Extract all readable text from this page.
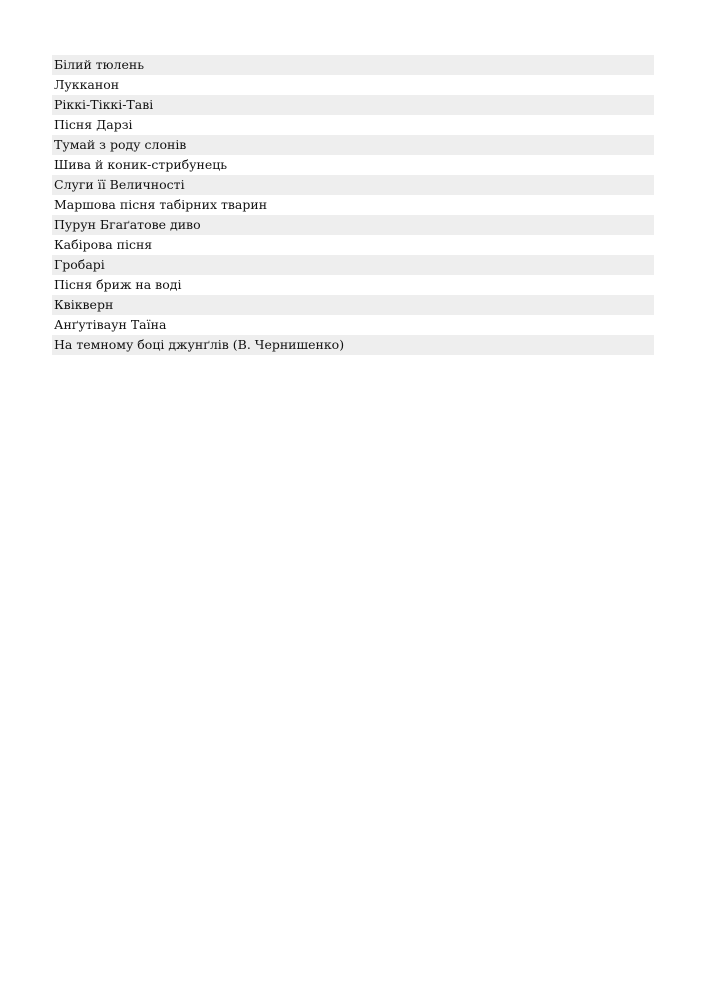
Білий тюлень
Лукканон
Ріккі-Тіккі-Таві
Пісня Дарзі
Тумай з роду слонів
Шива й коник-стрибунець
Слуги її Величності
Маршова пісня табірних тварин
Пурун Бгаґатове диво
Кабірова пісня
Гробарі
Пісня бриж на воді
Квікверн
Анґутіваун Таїна
На темному боці джунґлів (В. Чернишенко)
